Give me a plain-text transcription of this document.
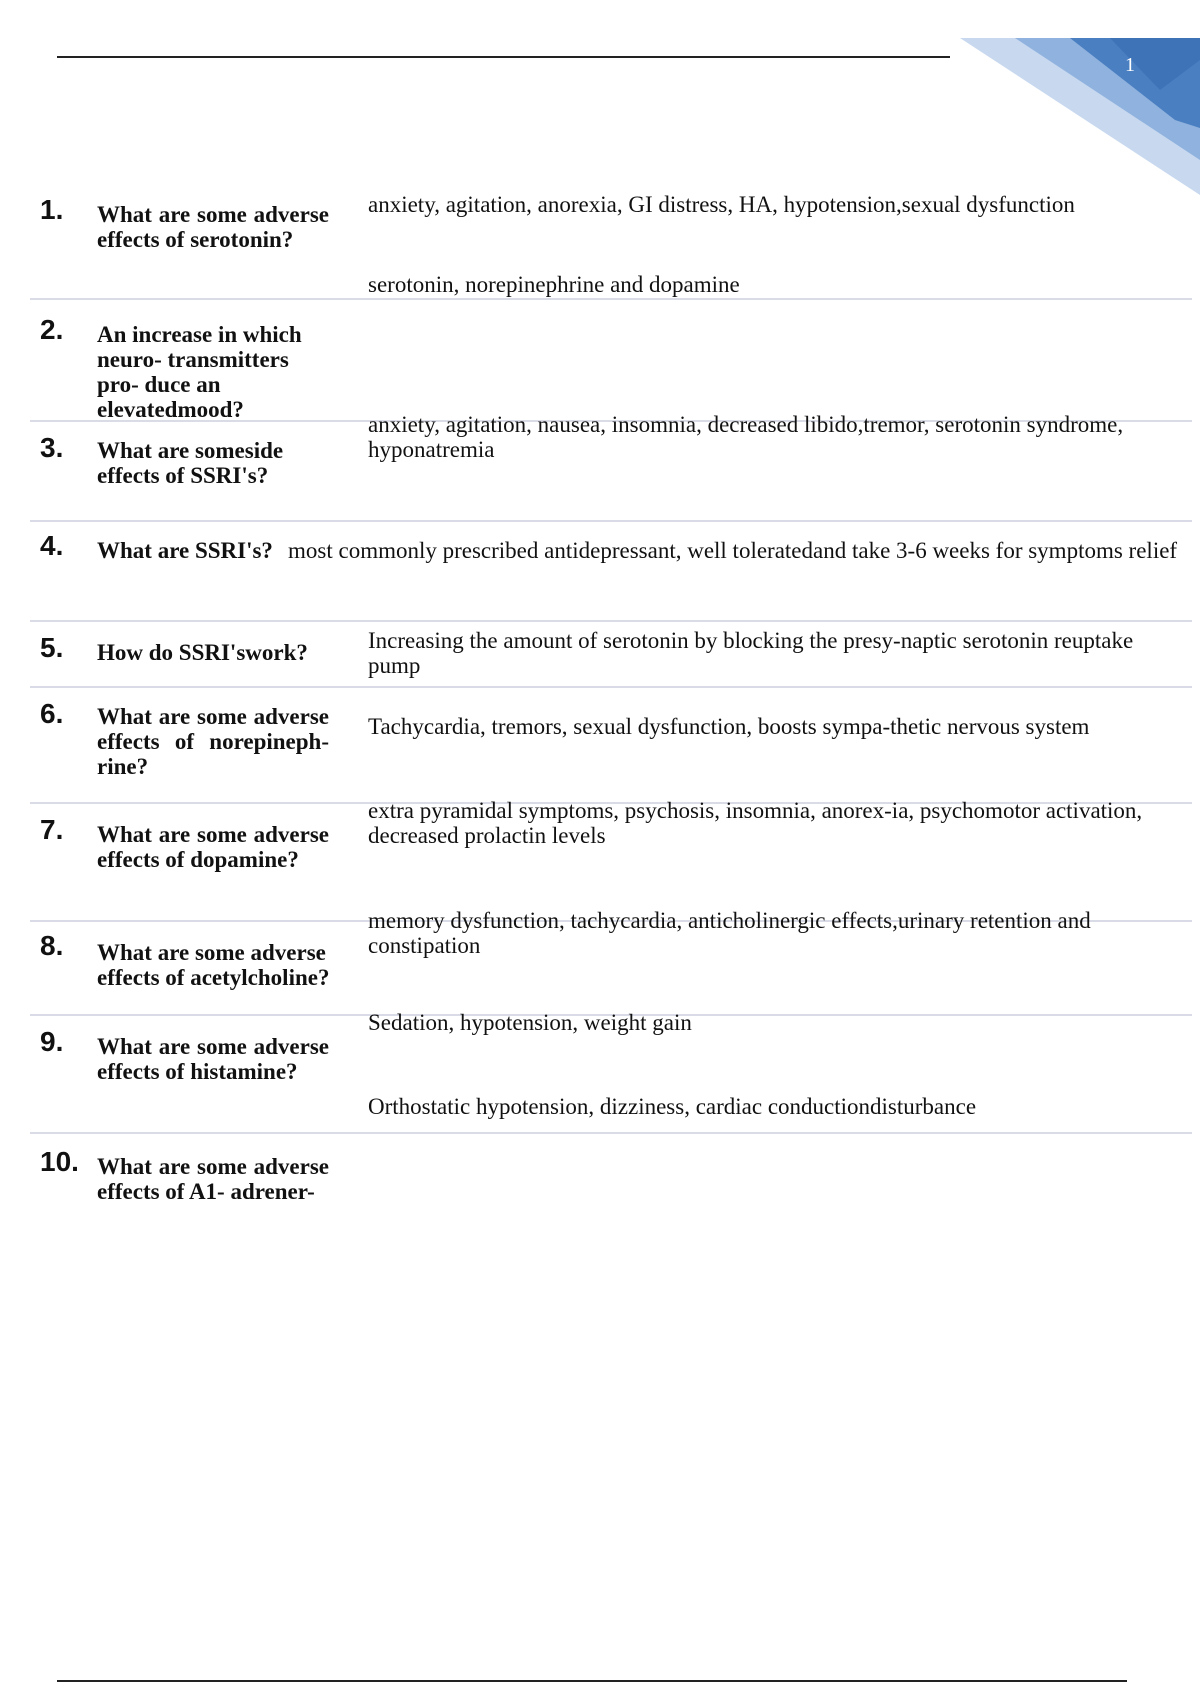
1
1. What are some adverse effects of serotonin?
anxiety, agitation, anorexia, GI distress, HA, hypotension,sexual dysfunction
serotonin, norepinephrine and dopamine
2. An increase in which neuro- transmitters pro- duce an elevatedmood?
3. What are someside effects of SSRI's?
anxiety, agitation, nausea, insomnia, decreased libido,tremor, serotonin syndrome, hyponatremia
4. What are SSRI's? most commonly prescribed antidepressant, well toleratedand take 3-6 weeks for symptoms relief
5. How do SSRI'swork?	Increasing the amount of serotonin by blocking the presy-naptic serotonin reuptake pump
6. What are some adverse effects of norepineph-rine?
Tachycardia, tremors, sexual dysfunction, boosts sympa-thetic nervous system
7. What are some adverse effects of dopamine?
extra pyramidal symptoms, psychosis, insomnia, anorex-ia, psychomotor activation, decreased prolactin levels
8. What are some adverse effects of acetylcholine?
memory dysfunction, tachycardia, anticholinergic effects,urinary retention and constipation
9. What are some adverse effects of histamine?
Sedation, hypotension, weight gain
Orthostatic hypotension, dizziness, cardiac conductiondisturbance
10. What are some adverse effects of A1- adrener-
